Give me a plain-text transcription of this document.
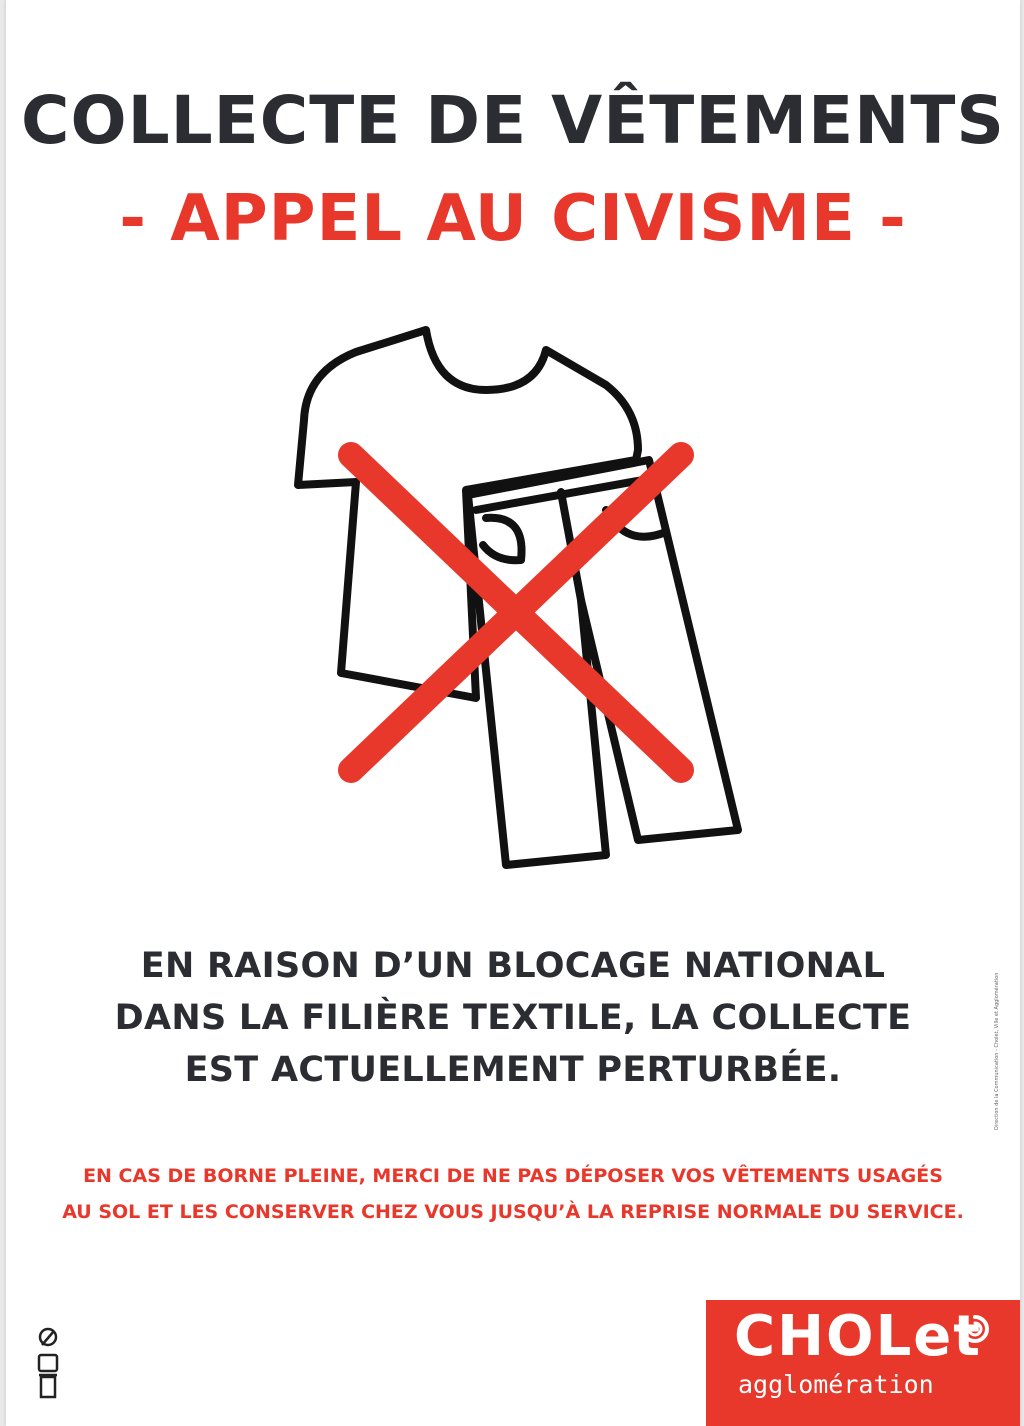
COLLECTE DE VÊTEMENTS
- APPEL AU CIVISME -
EN RAISON D’UN BLOCAGE NATIONAL
DANS LA FILIÈRE TEXTILE, LA COLLECTE
EST ACTUELLEMENT PERTURBÉE.
EN CAS DE BORNE PLEINE, MERCI DE NE PAS DÉPOSER VOS VÊTEMENTS USAGÉS
AU SOL ET LES CONSERVER CHEZ VOUS JUSQU’À LA REPRISE NORMALE DU SERVICE.
Direction de la Communication - Cholet, Ville et Agglomération
CHOLet
agglomération
